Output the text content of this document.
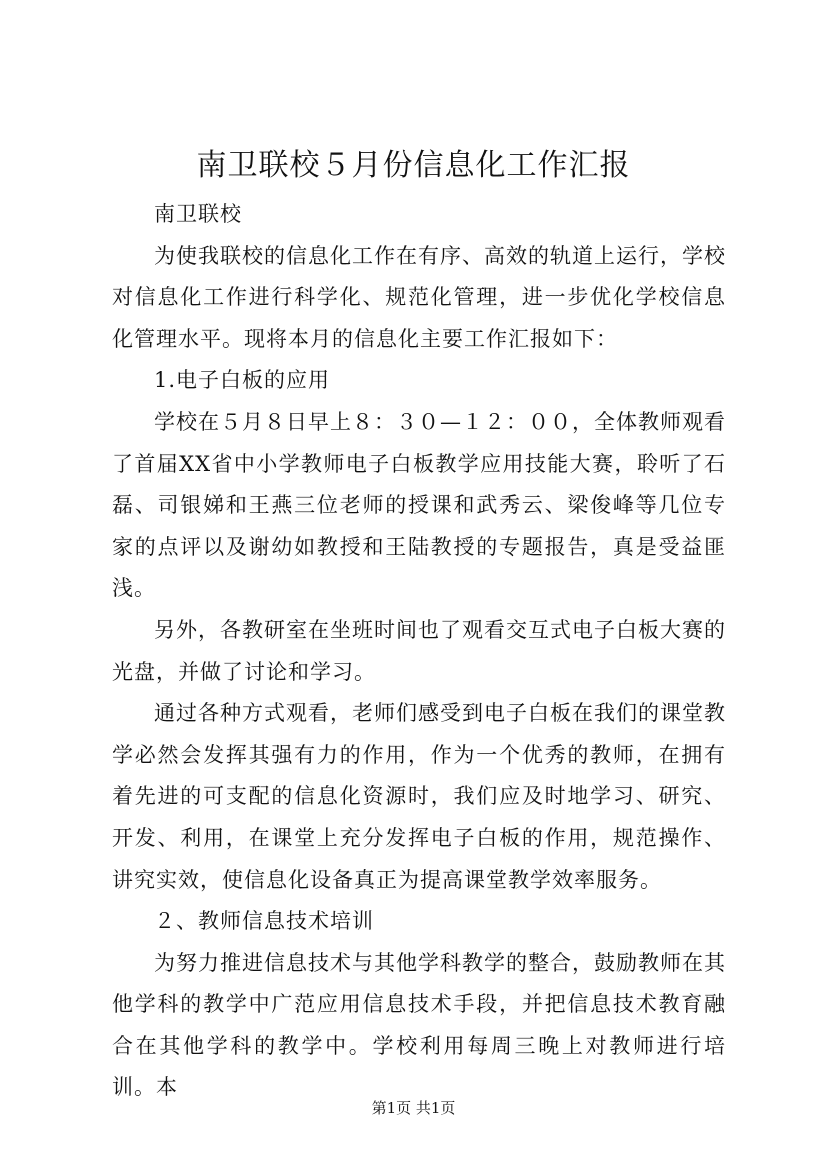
南卫联校５月份信息化工作汇报

南卫联校

为使我联校的信息化工作在有序、高效的轨道上运行，学校对信息化工作进行科学化、规范化管理，进一步优化学校信息化管理水平。现将本月的信息化主要工作汇报如下：

1.电子白板的应用

学校在５月８日早上８：３０—１２：００，全体教师观看了首届XX省中小学教师电子白板教学应用技能大赛，聆听了石磊、司银娣和王燕三位老师的授课和武秀云、梁俊峰等几位专家的点评以及谢幼如教授和王陆教授的专题报告，真是受益匪浅。

另外，各教研室在坐班时间也了观看交互式电子白板大赛的光盘，并做了讨论和学习。

通过各种方式观看，老师们感受到电子白板在我们的课堂教学必然会发挥其强有力的作用，作为一个优秀的教师，在拥有着先进的可支配的信息化资源时，我们应及时地学习、研究、开发、利用，在课堂上充分发挥电子白板的作用，规范操作、讲究实效，使信息化设备真正为提高课堂教学效率服务。

２、教师信息技术培训

为努力推进信息技术与其他学科教学的整合，鼓励教师在其他学科的教学中广范应用信息技术手段，并把信息技术教育融合在其他学科的教学中。学校利用每周三晚上对教师进行培训。本

第1页 共1页
